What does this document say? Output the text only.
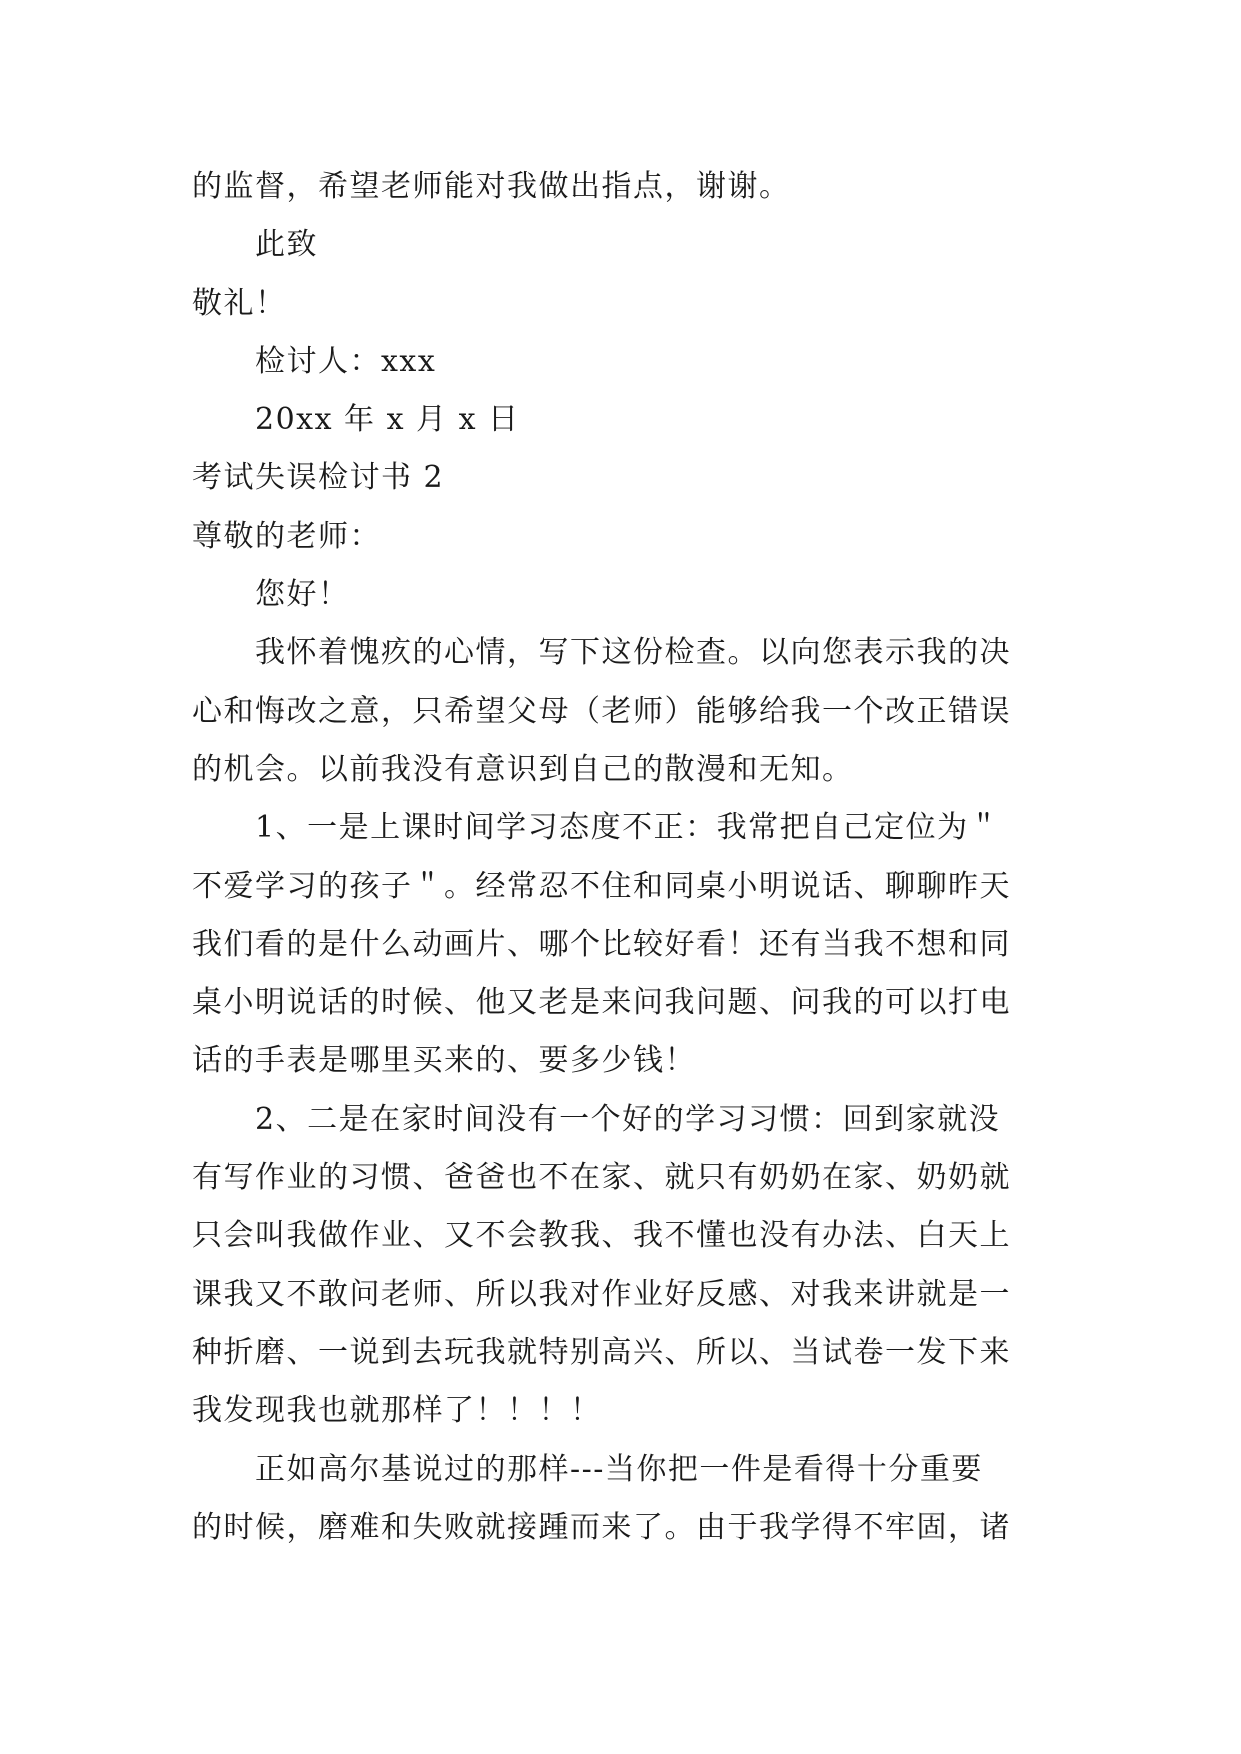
的监督，希望老师能对我做出指点，谢谢。
此致
敬礼！
检讨人：xxx
20xx 年 x 月 x 日
考试失误检讨书 2
尊敬的老师：
您好！
我怀着愧疚的心情，写下这份检查。以向您表示我的决
心和悔改之意，只希望父母（老师）能够给我一个改正错误
的机会。以前我没有意识到自己的散漫和无知。
1、一是上课时间学习态度不正：我常把自己定位为＂
不爱学习的孩子＂。经常忍不住和同桌小明说话、聊聊昨天
我们看的是什么动画片、哪个比较好看！还有当我不想和同
桌小明说话的时候、他又老是来问我问题、问我的可以打电
话的手表是哪里买来的、要多少钱！
2、二是在家时间没有一个好的学习习惯：回到家就没
有写作业的习惯、爸爸也不在家、就只有奶奶在家、奶奶就
只会叫我做作业、又不会教我、我不懂也没有办法、白天上
课我又不敢问老师、所以我对作业好反感、对我来讲就是一
种折磨、一说到去玩我就特别高兴、所以、当试卷一发下来
我发现我也就那样了！！！！
正如高尔基说过的那样---当你把一件是看得十分重要
的时候，磨难和失败就接踵而来了。由于我学得不牢固，诸
